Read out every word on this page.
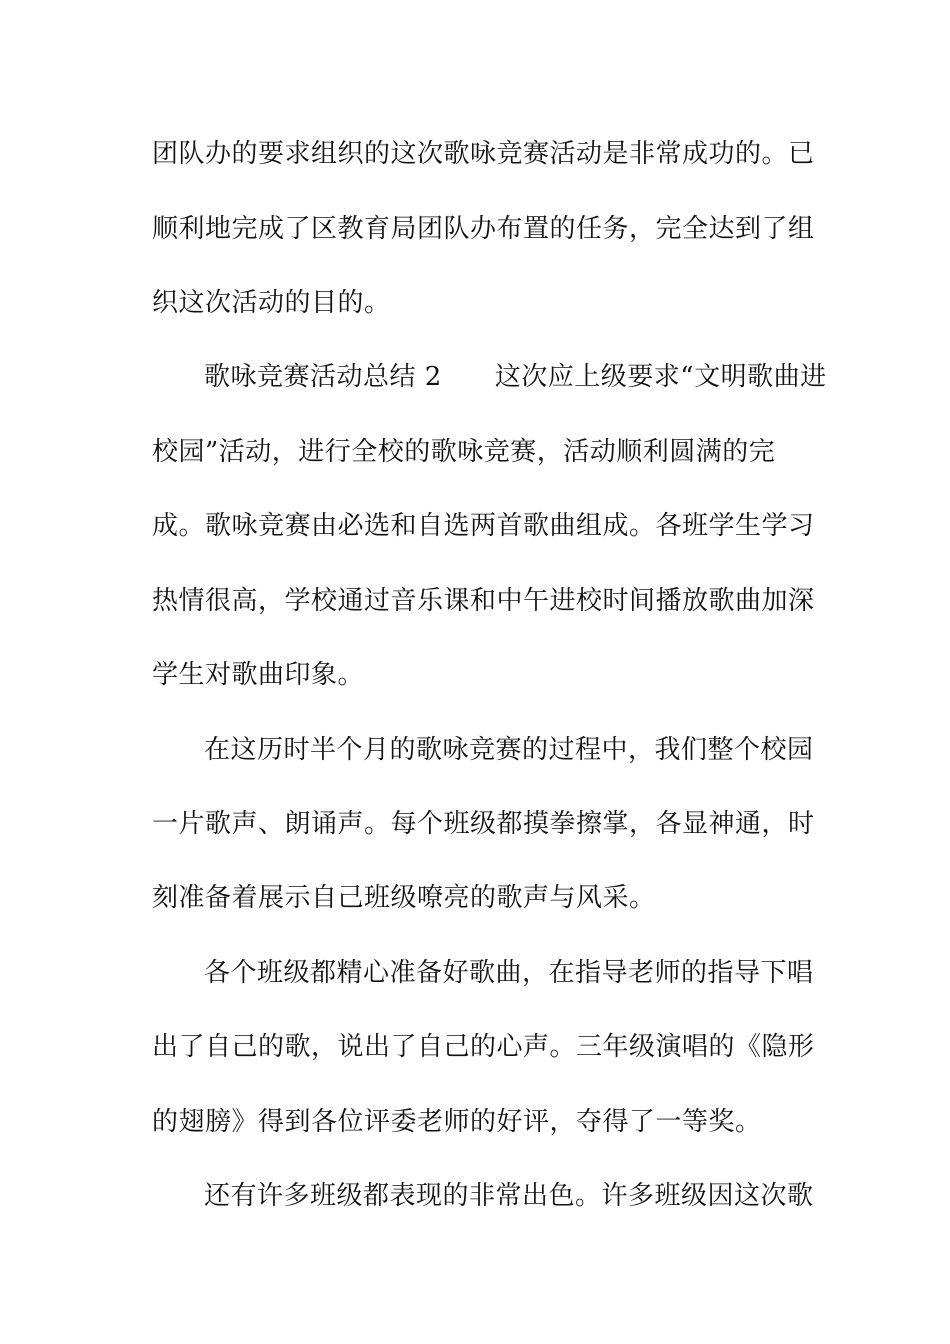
团队办的要求组织的这次歌咏竞赛活动是非常成功的。已

顺利地完成了区教育局团队办布置的任务，完全达到了组

织这次活动的目的。

歌咏竞赛活动总结 2　　这次应上级要求“文明歌曲进

校园”活动，进行全校的歌咏竞赛，活动顺利圆满的完

成。歌咏竞赛由必选和自选两首歌曲组成。各班学生学习

热情很高，学校通过音乐课和中午进校时间播放歌曲加深

学生对歌曲印象。

在这历时半个月的歌咏竞赛的过程中，我们整个校园

一片歌声、朗诵声。每个班级都摸拳擦掌，各显神通，时

刻准备着展示自己班级嘹亮的歌声与风采。

各个班级都精心准备好歌曲，在指导老师的指导下唱

出了自己的歌，说出了自己的心声。三年级演唱的《隐形

的翅膀》得到各位评委老师的好评，夺得了一等奖。

还有许多班级都表现的非常出色。许多班级因这次歌
